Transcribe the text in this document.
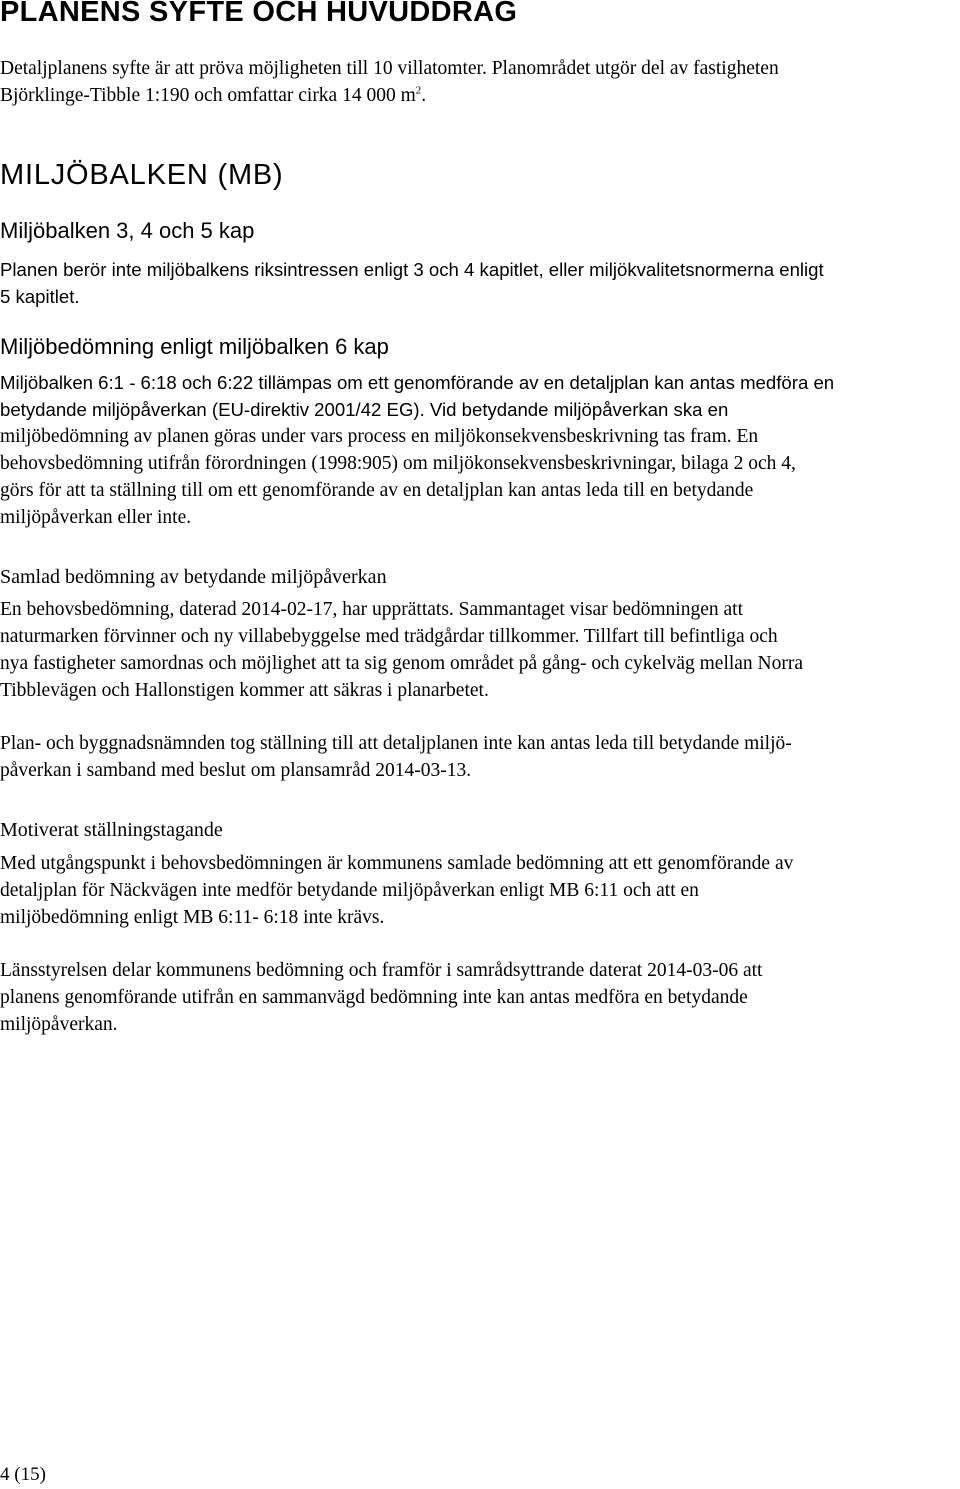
PLANENS SYFTE OCH HUVUDDRAG

Detaljplanens syfte är att pröva möjligheten till 10 villatomter. Planområdet utgör del av fastigheten
Björklinge-Tibble 1:190 och omfattar cirka 14 000 $m^2$.

MILJÖBALKEN (MB)
Miljöbalken 3, 4 och 5 kap

Planen berör inte miljöbalkens riksintressen enligt 3 och 4 kapitlet, eller miljökvalitetsnormerna enligt
5 kapitlet.

Miljöbedömning enligt miljöbalken 6 kap

Miljöbalken 6:1 - 6:18 och 6:22 tillämpas om ett genomförande av en detaljplan kan antas medföra en
betydande miljöpåverkan (EU-direktiv 2001/42 EG). Vid betydande miljöpåverkan ska en

miljöbedömning av planen göras under vars process en miljökonsekvensbeskrivning tas fram. En
behovsbedömning utifrån förordningen (1998:905) om miljökonsekvensbeskrivningar, bilaga 2 och 4,
görs för att ta ställning till om ett genomförande av en detaljplan kan antas leda till en betydande
miljöpåverkan eller inte.

Samlad bedömning av betydande miljöpåverkan

En behovsbedömning, daterad 2014-02-17, har upprättats. Sammantaget visar bedömningen att
naturmarken förvinner och ny villabebyggelse med trädgårdar tillkommer. Tillfart till befintliga och
nya fastigheter samordnas och möjlighet att ta sig genom området på gång- och cykelväg mellan Norra
Tibblevägen och Hallonstigen kommer att säkras i planarbetet.

Plan- och byggnadsnämnden tog ställning till att detaljplanen inte kan antas leda till betydande miljö-
påverkan i samband med beslut om plansamråd 2014-03-13.

Motiverat ställningstagande

Med utgångspunkt i behovsbedömningen är kommunens samlade bedömning att ett genomförande av
detaljplan för Näckvägen inte medför betydande miljöpåverkan enligt MB 6:11 och att en
miljöbedömning enligt MB 6:11- 6:18 inte krävs.

Länsstyrelsen delar kommunens bedömning och framför i samrådsyttrande daterat 2014-03-06 att
planens genomförande utifrån en sammanvägd bedömning inte kan antas medföra en betydande
miljöpåverkan.

4 (15)
